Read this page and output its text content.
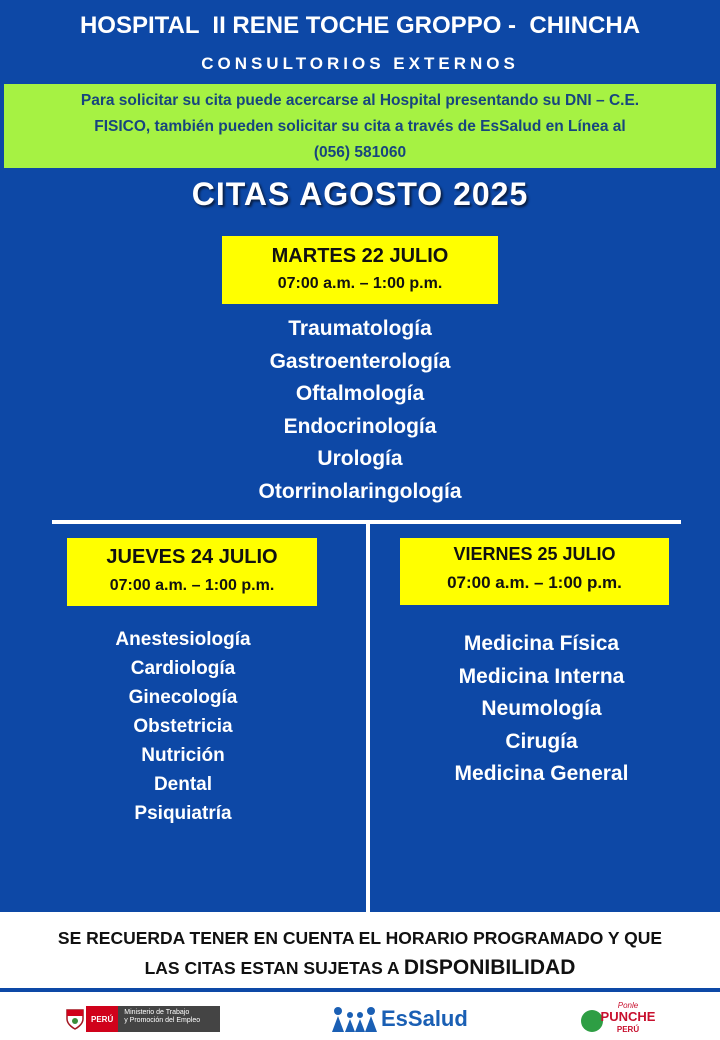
HOSPITAL  II RENE TOCHE GROPPO -  CHINCHA
CONSULTORIOS EXTERNOS
Para solicitar su cita puede acercarse al Hospital presentando su DNI – C.E.
FISICO, también pueden solicitar su cita a través de EsSalud en Línea al
(056) 581060
CITAS AGOSTO 2025
MARTES 22 JULIO
07:00 a.m. – 1:00 p.m.
Traumatología
Gastroenterología
Oftalmología
Endocrinología
Urología
Otorrinolaringología
JUEVES 24 JULIO
07:00 a.m. – 1:00 p.m.
Anestesiología
Cardiología
Ginecología
Obstetricia
Nutrición
Dental
Psiquiatría
VIERNES 25 JULIO
07:00 a.m. – 1:00 p.m.
Medicina Física
Medicina Interna
Neumología
Cirugía
Medicina General
SE RECUERDA TENER EN CUENTA EL HORARIO PROGRAMADO Y QUE
LAS CITAS ESTAN SUJETAS A DISPONIBILIDAD
PERÚ
Ministerio de Trabajo
y Promoción del Empleo	EsSalud
Ponle
PUNCHE
PERÚ
